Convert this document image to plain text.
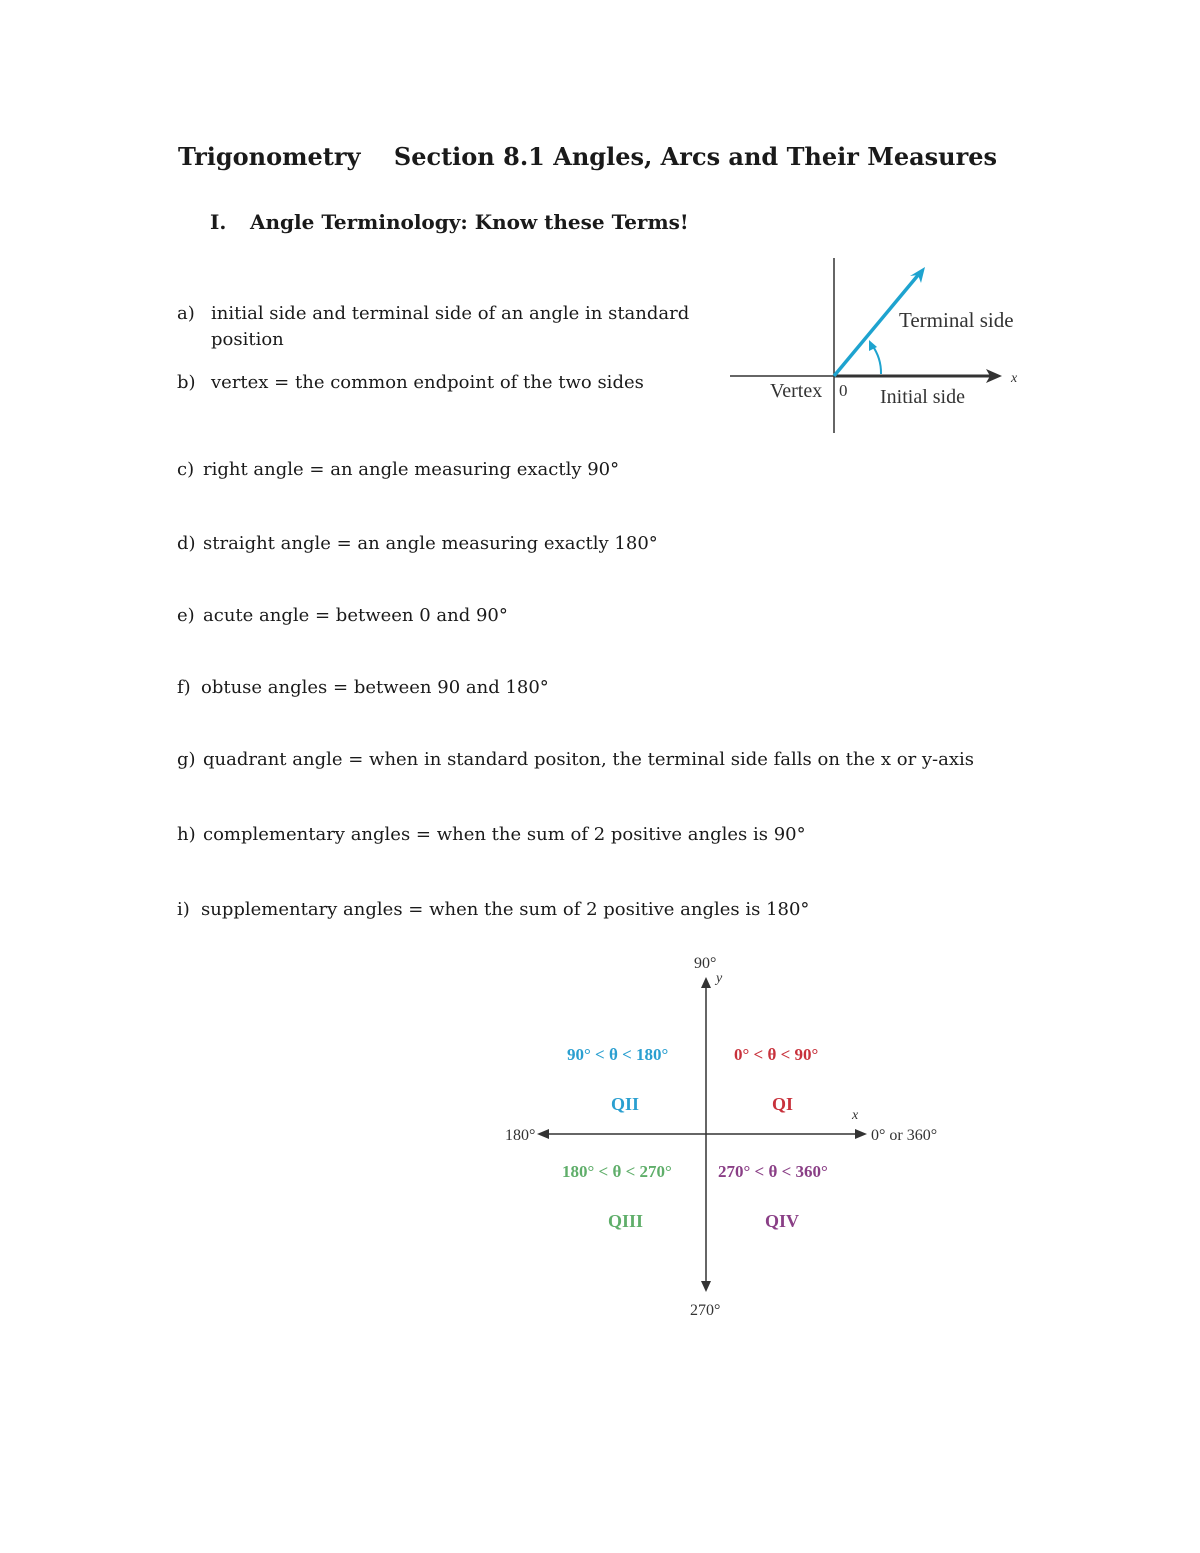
Trigonometry    Section 8.1 Angles, Arcs and Their Measures
I. Angle Terminology: Know these Terms!
a) initial side and terminal side of an angle in standard
position
b) vertex = the common endpoint of the two sides
c) right angle = an angle measuring exactly 90°
d) straight angle = an angle measuring exactly 180°
e) acute angle = between 0 and 90°
f) obtuse angles = between 90 and 180°
g) quadrant angle = when in standard positon, the terminal side falls on the x or y-axis
h) complementary angles = when the sum of 2 positive angles is 90°
i) supplementary angles = when the sum of 2 positive angles is 180°
Terminal side
Initial side
Vertex 0
x
90°
y
x
180°	0° or 360°
270°
0° < θ < 90°
QI
90° < θ < 180°
QII
180° < θ < 270°
QIII
270° < θ < 360°
QIV
